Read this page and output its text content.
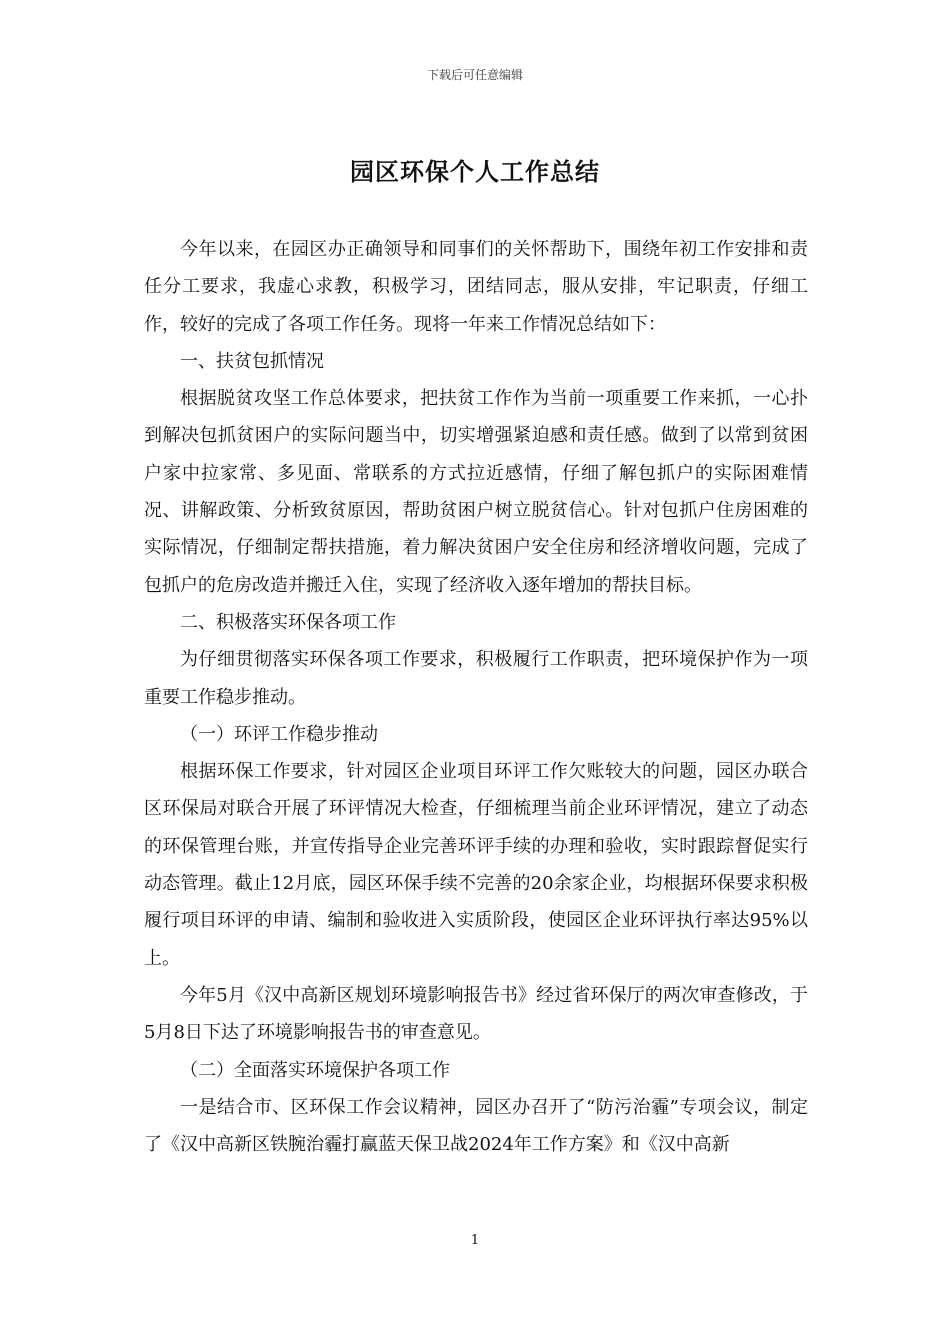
下载后可任意编辑
园区环保个人工作总结

今年以来，在园区办正确领导和同事们的关怀帮助下，围绕年初工作安排和责任分工要求，我虚心求教，积极学习，团结同志，服从安排，牢记职责，仔细工作，较好的完成了各项工作任务。现将一年来工作情况总结如下：

一、扶贫包抓情况

根据脱贫攻坚工作总体要求，把扶贫工作作为当前一项重要工作来抓，一心扑到解决包抓贫困户的实际问题当中，切实增强紧迫感和责任感。做到了以常到贫困户家中拉家常、多见面、常联系的方式拉近感情，仔细了解包抓户的实际困难情况、讲解政策、分析致贫原因，帮助贫困户树立脱贫信心。针对包抓户住房困难的实际情况，仔细制定帮扶措施，着力解决贫困户安全住房和经济增收问题，完成了包抓户的危房改造并搬迁入住，实现了经济收入逐年增加的帮扶目标。

二、积极落实环保各项工作

为仔细贯彻落实环保各项工作要求，积极履行工作职责，把环境保护作为一项重要工作稳步推动。

（一）环评工作稳步推动

根据环保工作要求，针对园区企业项目环评工作欠账较大的问题，园区办联合区环保局对联合开展了环评情况大检查，仔细梳理当前企业环评情况，建立了动态的环保管理台账，并宣传指导企业完善环评手续的办理和验收，实时跟踪督促实行动态管理。截止12月底，园区环保手续不完善的20余家企业，均根据环保要求积极履行项目环评的申请、编制和验收进入实质阶段，使园区企业环评执行率达95%以上。

今年5月《汉中高新区规划环境影响报告书》经过省环保厅的两次审查修改，于5月8日下达了环境影响报告书的审查意见。

（二）全面落实环境保护各项工作

一是结合市、区环保工作会议精神，园区办召开了“防污治霾”专项会议，制定了《汉中高新区铁腕治霾打赢蓝天保卫战2024年工作方案》和《汉中高新

1
